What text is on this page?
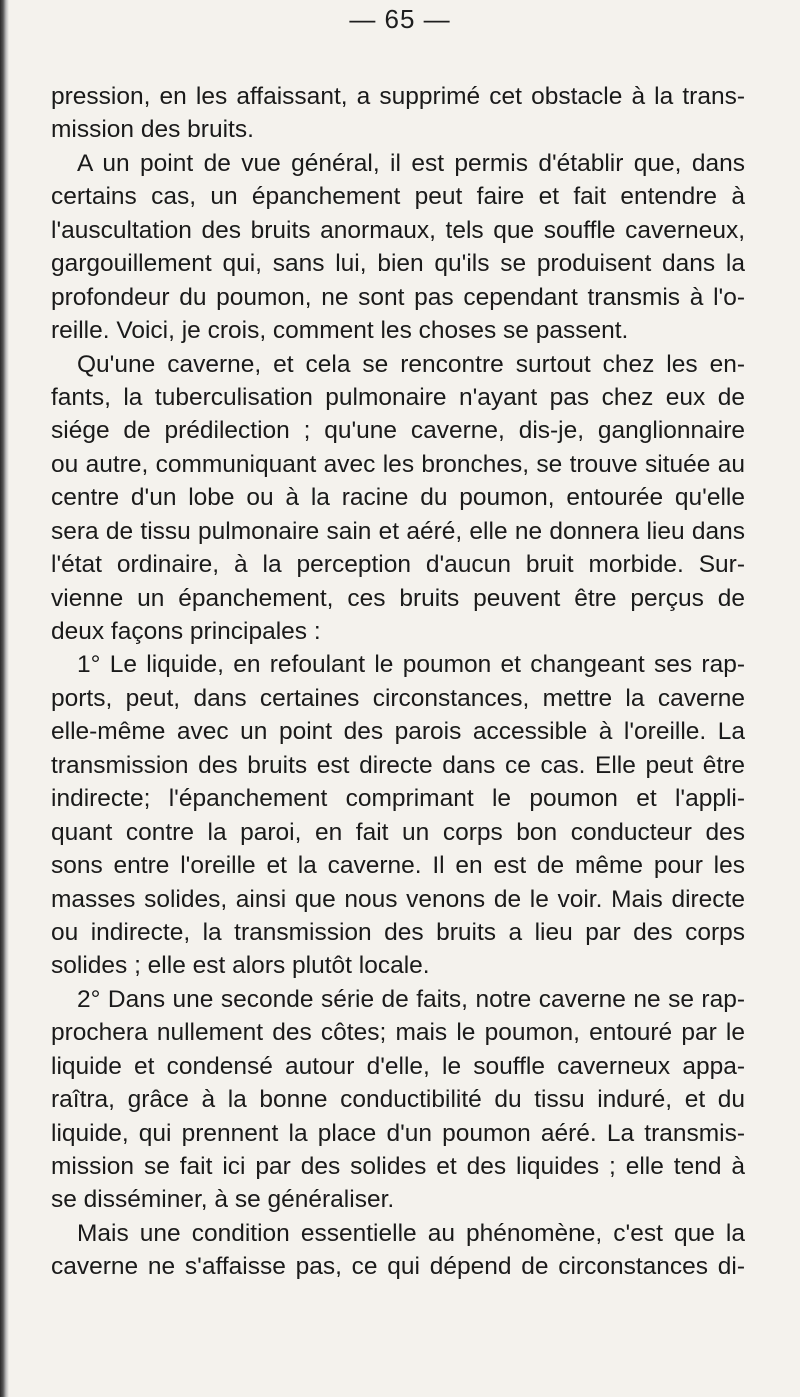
— 65 —
pression, en les affaissant, a supprimé cet obstacle à la trans-
mission des bruits.
A un point de vue général, il est permis d'établir que, dans
certains cas, un épanchement peut faire et fait entendre à
l'auscultation des bruits anormaux, tels que souffle caverneux,
gargouillement qui, sans lui, bien qu'ils se produisent dans la
profondeur du poumon, ne sont pas cependant transmis à l'o-
reille. Voici, je crois, comment les choses se passent.
Qu'une caverne, et cela se rencontre surtout chez les en-
fants, la tuberculisation pulmonaire n'ayant pas chez eux de
siége de prédilection ; qu'une caverne, dis-je, ganglionnaire
ou autre, communiquant avec les bronches, se trouve située au
centre d'un lobe ou à la racine du poumon, entourée qu'elle
sera de tissu pulmonaire sain et aéré, elle ne donnera lieu dans
l'état ordinaire, à la perception d'aucun bruit morbide. Sur-
vienne un épanchement, ces bruits peuvent être perçus de
deux façons principales :
1° Le liquide, en refoulant le poumon et changeant ses rap-
ports, peut, dans certaines circonstances, mettre la caverne
elle-même avec un point des parois accessible à l'oreille. La
transmission des bruits est directe dans ce cas. Elle peut être
indirecte; l'épanchement comprimant le poumon et l'appli-
quant contre la paroi, en fait un corps bon conducteur des
sons entre l'oreille et la caverne. Il en est de même pour les
masses solides, ainsi que nous venons de le voir. Mais directe
ou indirecte, la transmission des bruits a lieu par des corps
solides ; elle est alors plutôt locale.
2° Dans une seconde série de faits, notre caverne ne se rap-
prochera nullement des côtes; mais le poumon, entouré par le
liquide et condensé autour d'elle, le souffle caverneux appa-
raîtra, grâce à la bonne conductibilité du tissu induré, et du
liquide, qui prennent la place d'un poumon aéré. La transmis-
mission se fait ici par des solides et des liquides ; elle tend à
se disséminer, à se généraliser.
Mais une condition essentielle au phénomène, c'est que la
caverne ne s'affaisse pas, ce qui dépend de circonstances di-
